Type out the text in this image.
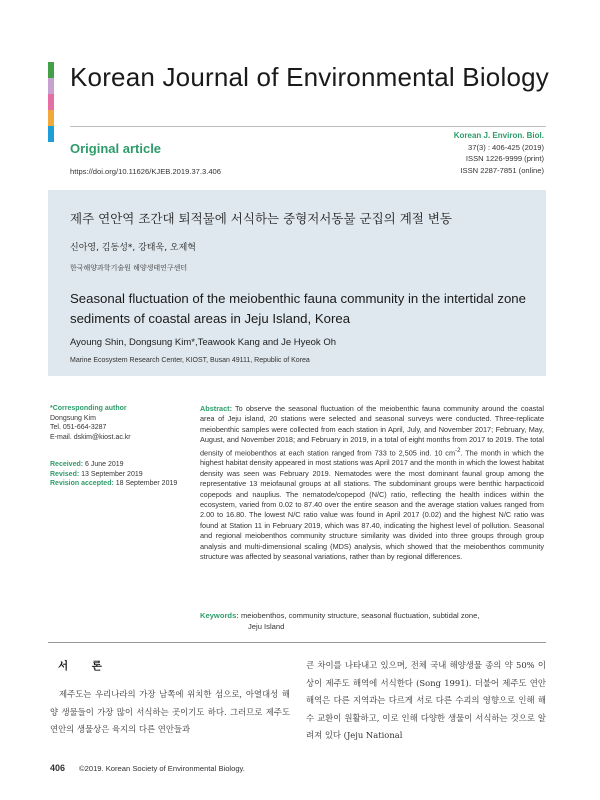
Korean Journal of Environmental Biology
Original article
https://doi.org/10.11626/KJEB.2019.37.3.406
Korean J. Environ. Biol.
37(3) : 406-425 (2019)
ISSN 1226-9999 (print)
ISSN 2287-7851 (online)
제주 연안역 조간대 퇴적물에 서식하는 중형저서동물 군집의 계절 변동
신아영, 김동성*, 강태욱, 오제혁
한국해양과학기술원 해양생태연구센터
Seasonal fluctuation of the meiobenthic fauna community in the intertidal zone sediments of coastal areas in Jeju Island, Korea
Ayoung Shin, Dongsung Kim*,Teawook Kang and Je Hyeok Oh
Marine Ecosystem Research Center, KIOST, Busan 49111, Republic of Korea
*Corresponding author
Dongsung Kim
Tel. 051-664-3287
E-mail. dskim@kiost.ac.kr
Received: 6 June 2019
Revised: 13 September 2019
Revision accepted: 18 September 2019
Abstract: To observe the seasonal fluctuation of the meiobenthic fauna community around the coastal area of Jeju island, 20 stations were selected and seasonal surveys were conducted. Three-replicate meiobenthic samples were collected from each station in April, July, and November 2017; February, May, August, and November 2018; and February in 2019, in a total of eight months from 2017 to 2019. The total density of meiobenthos at each station ranged from 733 to 2,505 ind. 10 $cm^{-2}$. The month in which the highest habitat density appeared in most stations was April 2017 and the month in which the lowest habitat density was seen was February 2019. Nematodes were the most dominant faunal group among the representative 13 meiofaunal groups at all stations. The subdominant groups were benthic harpacticoid copepods and nauplius. The nematode/copepod (N/C) ratio, reflecting the health indices within the ecosystem, varied from 0.02 to 87.40 over the entire season and the average station values ranged from 2.00 to 16.80. The lowest N/C ratio value was found in April 2017 (0.02) and the highest N/C ratio was found at Station 11 in February 2019, which was 87.40, indicating the highest level of pollution. Seasonal and regional meiobenthos community structure similarity was divided into three groups through group analysis and multi-dimensional scaling (MDS) analysis, which showed that the meiobenthos community structure was affected by seasonal variations, rather than by regional differences.
Keywords: meiobenthos, community structure, seasonal fluctuation, subtidal zone,
Jeju Island
서 론
제주도는 우리나라의 가장 남쪽에 위치한 섬으로, 아열대성 해양 생물들이 가장 많이 서식하는 곳이기도 하다. 그러므로 제주도 연안의 생물상은 육지의 다른 연안들과
큰 차이를 나타내고 있으며, 전체 국내 해양생물 종의 약 50% 이상이 제주도 해역에 서식한다 (Song 1991). 더불어 제주도 연안 해역은 다른 지역과는 다르게 서로 다른 수괴의 영향으로 인해 해수 교환이 원활하고, 이로 인해 다양한 생물이 서식하는 것으로 알려져 있다 (Jeju National
406 ©2019. Korean Society of Environmental Biology.
